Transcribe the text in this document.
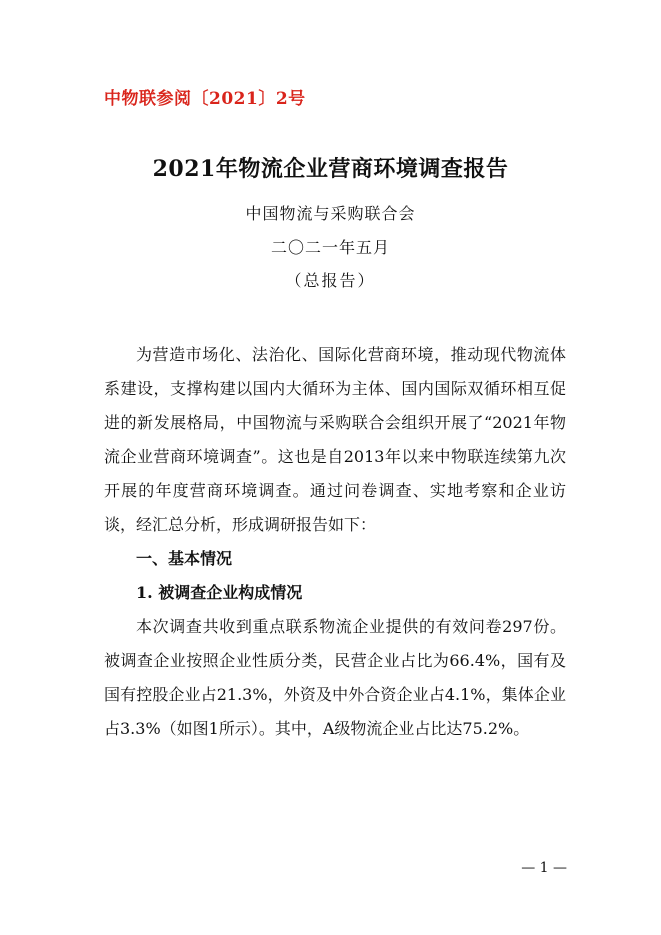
中物联参阅〔2021〕2号
2021年物流企业营商环境调查报告
中国物流与采购联合会
二〇二一年五月
（总报告）

为营造市场化、法治化、国际化营商环境，推动现代物流体系建设，支撑构建以国内大循环为主体、国内国际双循环相互促进的新发展格局，中国物流与采购联合会组织开展了“2021年物流企业营商环境调查”。这也是自2013年以来中物联连续第九次开展的年度营商环境调查。通过问卷调查、实地考察和企业访谈，经汇总分析，形成调研报告如下：

一、基本情况

1. 被调查企业构成情况

本次调查共收到重点联系物流企业提供的有效问卷297份。被调查企业按照企业性质分类，民营企业占比为66.4%，国有及国有控股企业占21.3%，外资及中外合资企业占4.1%，集体企业占3.3%（如图1所示）。其中，A级物流企业占比达75.2%。

— 1 —
